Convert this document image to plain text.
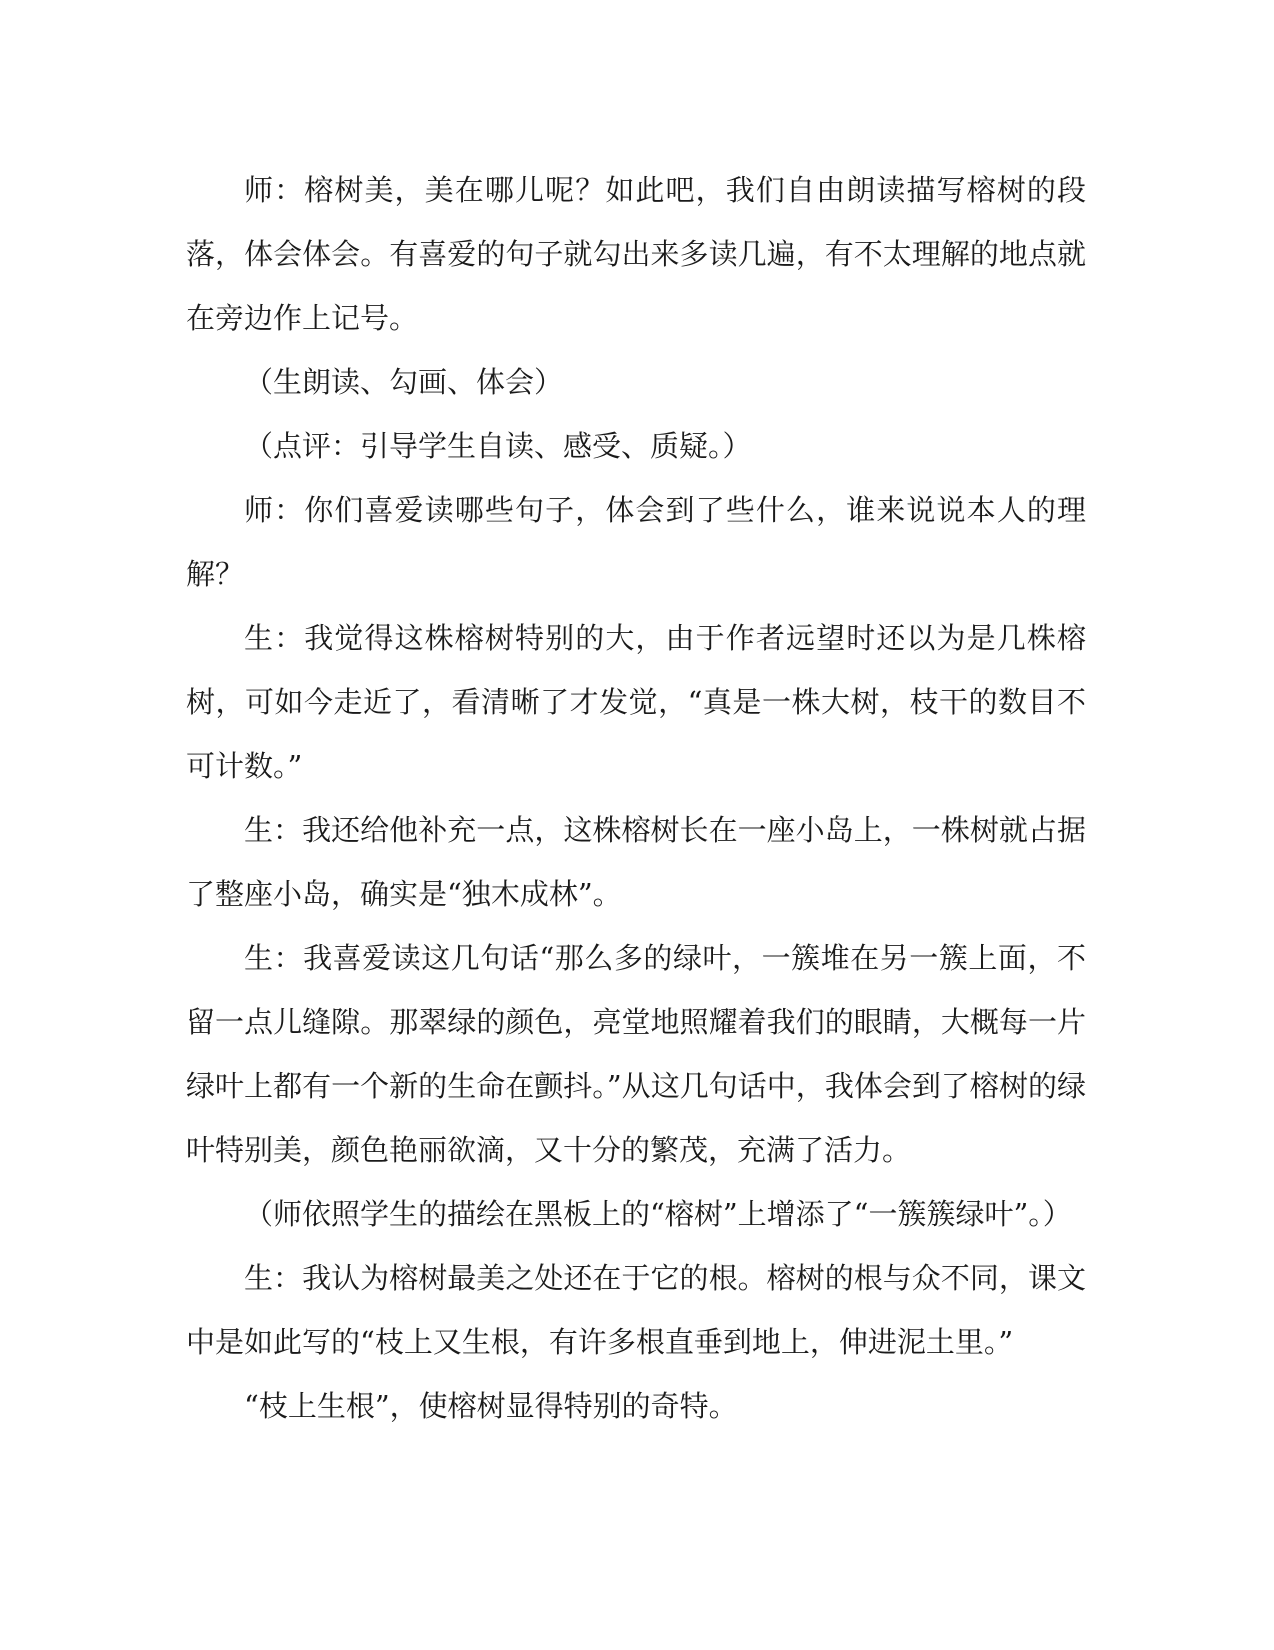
师：榕树美，美在哪儿呢？如此吧，我们自由朗读描写榕树的段落，体会体会。有喜爱的句子就勾出来多读几遍，有不太理解的地点就在旁边作上记号。

（生朗读、勾画、体会）

（点评：引导学生自读、感受、质疑。）

师：你们喜爱读哪些句子，体会到了些什么，谁来说说本人的理解？

生：我觉得这株榕树特别的大，由于作者远望时还以为是几株榕树，可如今走近了，看清晰了才发觉，“真是一株大树，枝干的数目不可计数。”

生：我还给他补充一点，这株榕树长在一座小岛上，一株树就占据了整座小岛，确实是“独木成林”。

生：我喜爱读这几句话“那么多的绿叶，一簇堆在另一簇上面，不留一点儿缝隙。那翠绿的颜色，亮堂地照耀着我们的眼睛，大概每一片绿叶上都有一个新的生命在颤抖。”从这几句话中，我体会到了榕树的绿叶特别美，颜色艳丽欲滴，又十分的繁茂，充满了活力。

（师依照学生的描绘在黑板上的“榕树”上增添了“一簇簇绿叶”。）

生：我认为榕树最美之处还在于它的根。榕树的根与众不同，课文中是如此写的“枝上又生根，有许多根直垂到地上，伸进泥土里。”

“枝上生根”，使榕树显得特别的奇特。
